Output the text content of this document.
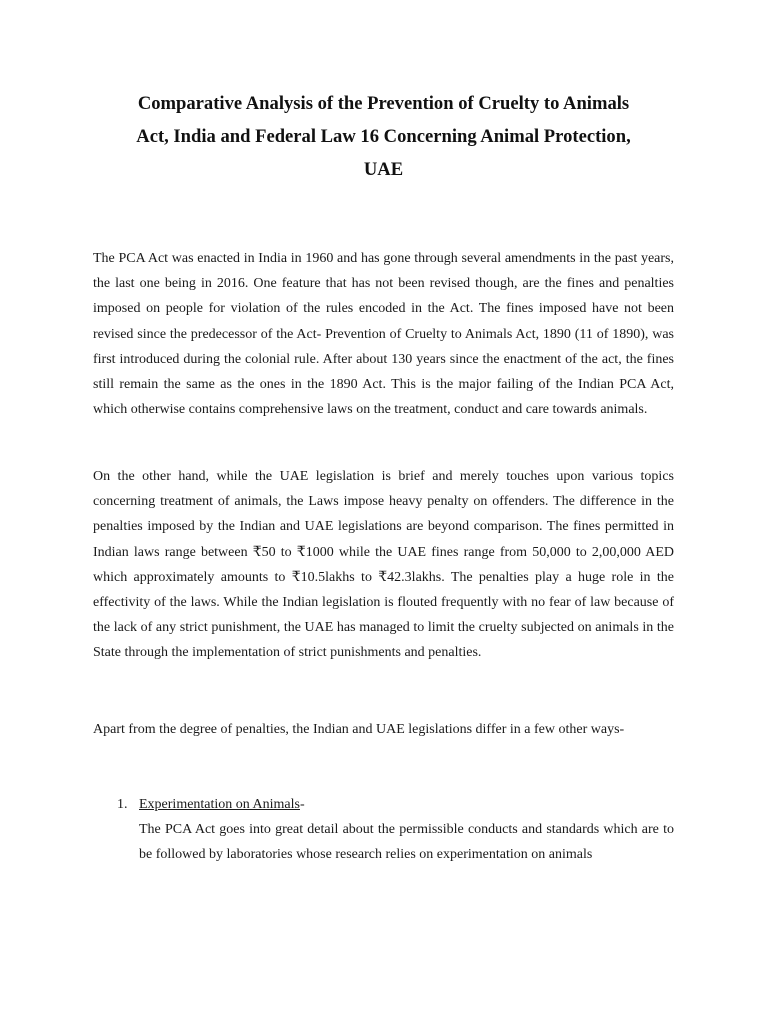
Comparative Analysis of the Prevention of Cruelty to Animals
Act, India and Federal Law 16 Concerning Animal Protection,
UAE

The PCA Act was enacted in India in 1960 and has gone through several amendments in the past years, the last one being in 2016. One feature that has not been revised though, are the fines and penalties imposed on people for violation of the rules encoded in the Act. The fines imposed have not been revised since the predecessor of the Act- Prevention of Cruelty to Animals Act, 1890 (11 of 1890), was first introduced during the colonial rule. After about 130 years since the enactment of the act, the fines still remain the same as the ones in the 1890 Act. This is the major failing of the Indian PCA Act, which otherwise contains comprehensive laws on the treatment, conduct and care towards animals.

On the other hand, while the UAE legislation is brief and merely touches upon various topics concerning treatment of animals, the Laws impose heavy penalty on offenders. The difference in the penalties imposed by the Indian and UAE legislations are beyond comparison. The fines permitted in Indian laws range between ₹50 to ₹1000 while the UAE fines range from 50,000 to 2,00,000 AED which approximately amounts to ₹10.5lakhs to ₹42.3lakhs. The penalties play a huge role in the effectivity of the laws. While the Indian legislation is flouted frequently with no fear of law because of the lack of any strict punishment, the UAE has managed to limit the cruelty subjected on animals in the State through the implementation of strict punishments and penalties.

Apart from the degree of penalties, the Indian and UAE legislations differ in a few other ways-

1. Experimentation on Animals-
The PCA Act goes into great detail about the permissible conducts and standards which are to be followed by laboratories whose research relies on experimentation on animals
